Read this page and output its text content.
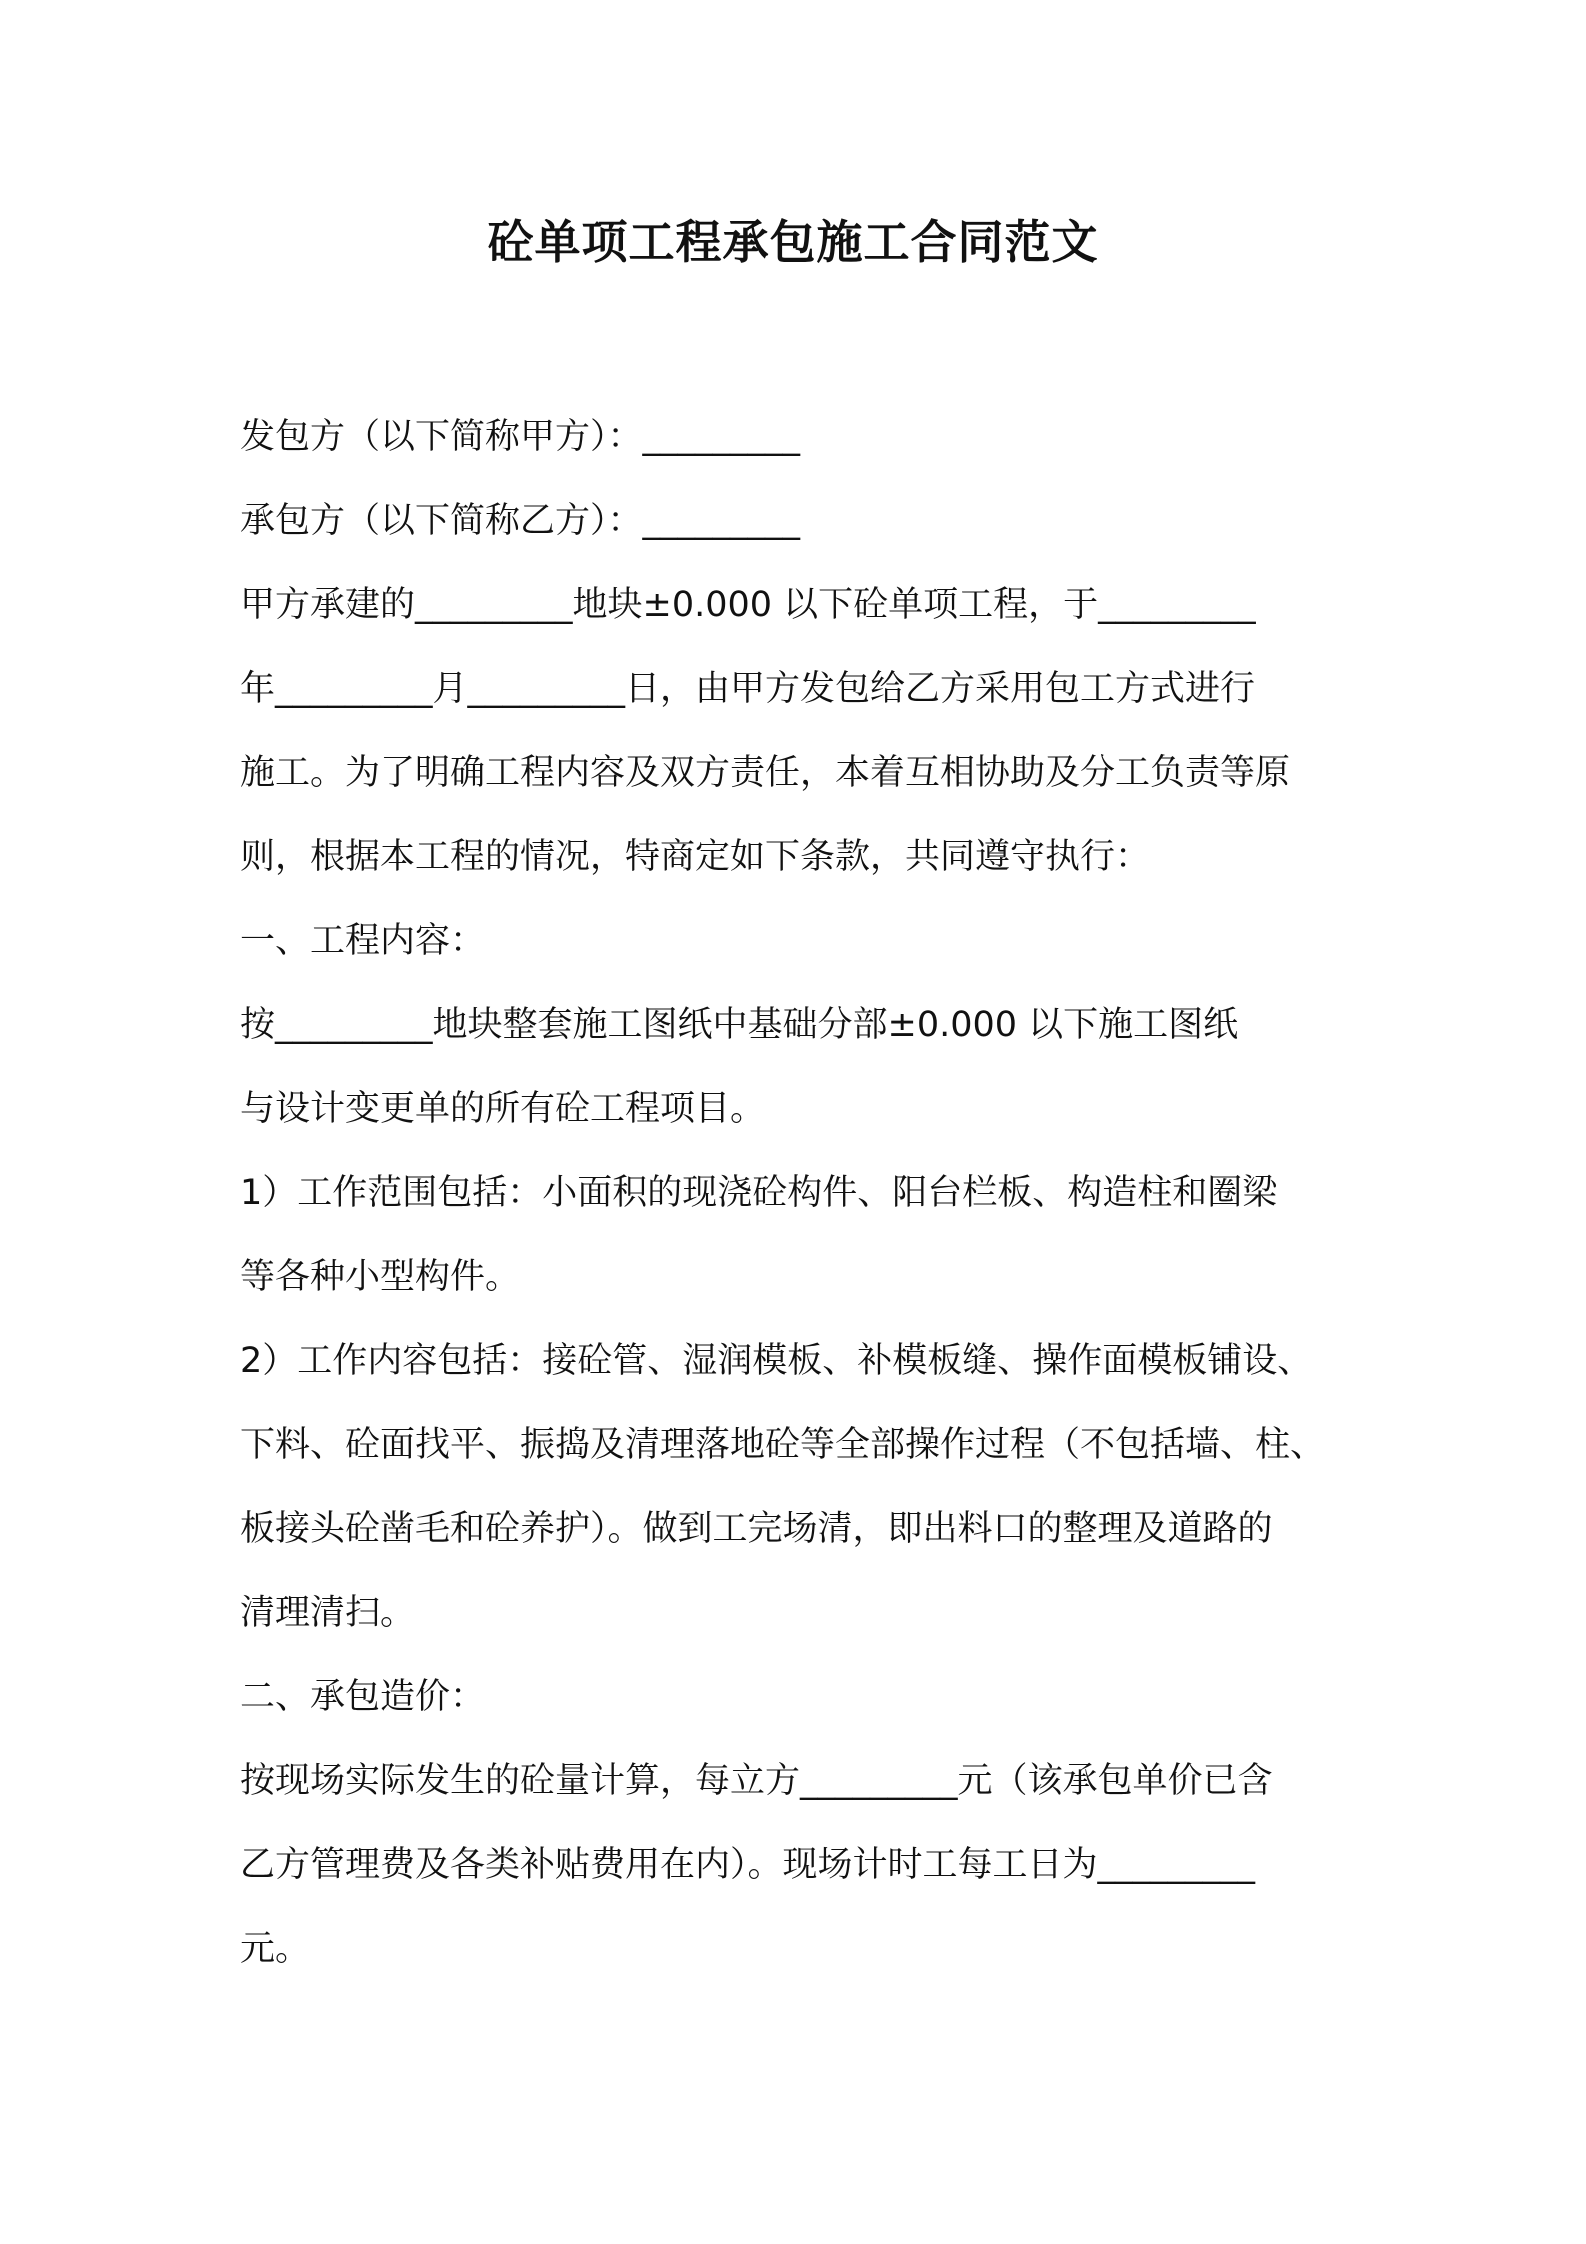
砼单项工程承包施工合同范文
发包方（以下简称甲方）：_________
承包方（以下简称乙方）：_________
甲方承建的_________地块±0.000 以下砼单项工程，于_________
年_________月_________日，由甲方发包给乙方采用包工方式进行
施工。为了明确工程内容及双方责任，本着互相协助及分工负责等原
则，根据本工程的情况，特商定如下条款，共同遵守执行：
一、工程内容：
按_________地块整套施工图纸中基础分部±0.000 以下施工图纸
与设计变更单的所有砼工程项目。
1）工作范围包括：小面积的现浇砼构件、阳台栏板、构造柱和圈梁
等各种小型构件。
2）工作内容包括：接砼管、湿润模板、补模板缝、操作面模板铺设、
下料、砼面找平、振捣及清理落地砼等全部操作过程（不包括墙、柱、
板接头砼凿毛和砼养护）。做到工完场清，即出料口的整理及道路的
清理清扫。
二、承包造价：
按现场实际发生的砼量计算，每立方_________元（该承包单价已含
乙方管理费及各类补贴费用在内）。现场计时工每工日为_________
元。
